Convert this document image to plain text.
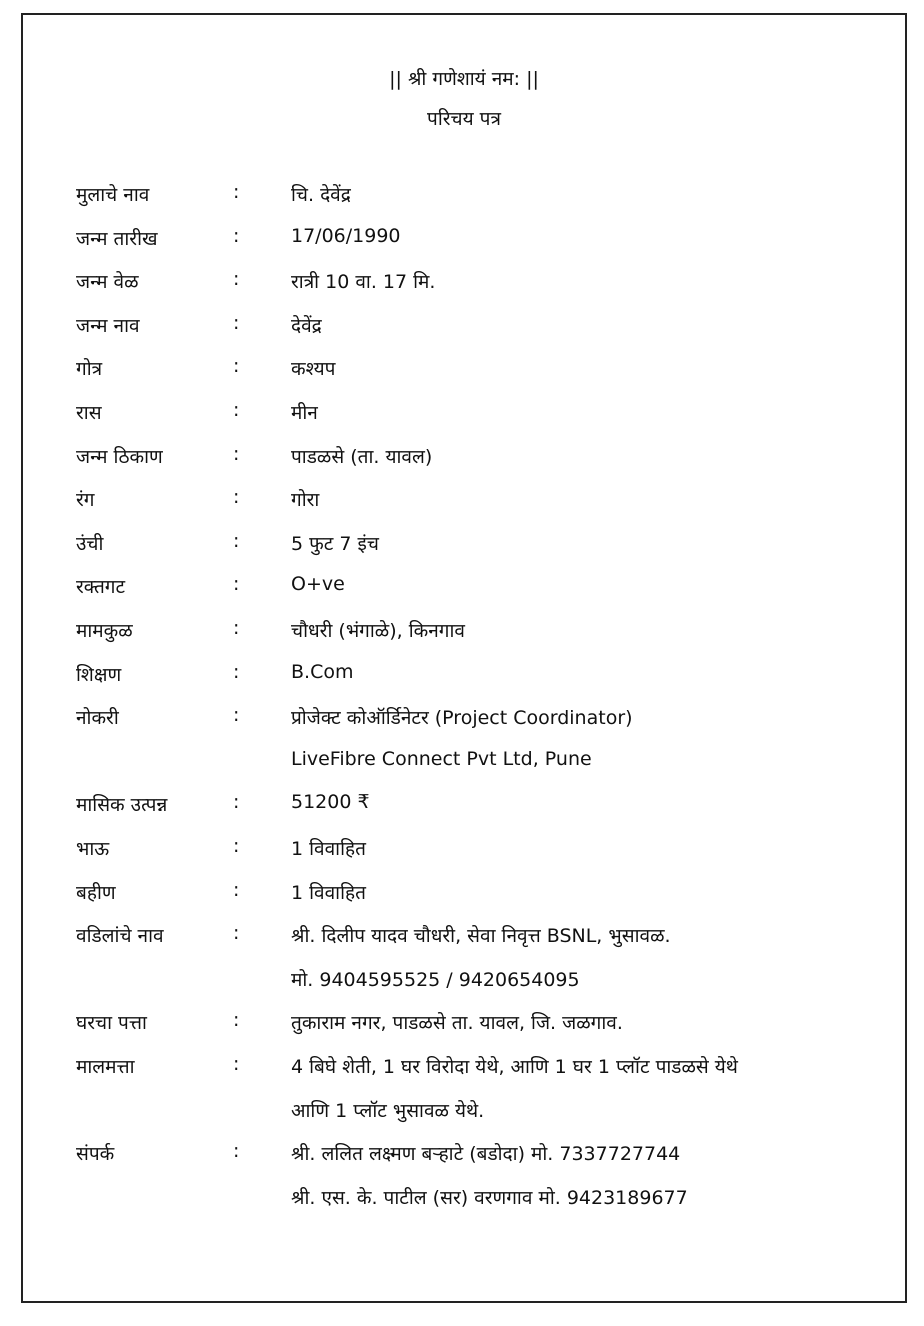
|| श्री गणेशायं नम: ||
परिचय पत्र
मुलाचे नाव	:	चि. देवेंद्र
जन्म तारीख	:	17/06/1990
जन्म वेळ	:	रात्री 10 वा. 17 मि.
जन्म नाव	:	देवेंद्र
गोत्र	:	कश्यप
रास	:	मीन
जन्म ठिकाण	:	पाडळसे (ता. यावल)
रंग	:	गोरा
उंची	:	5 फुट 7 इंच
रक्तगट	:	O+ve
मामकुळ	:	चौधरी (भंगाळे), किनगाव
शिक्षण	:	B.Com
नोकरी	:	प्रोजेक्ट कोऑर्डिनेटर (Project Coordinator)
LiveFibre Connect Pvt Ltd, Pune
मासिक उत्पन्न	:	51200 ₹
भाऊ	:	1 विवाहित
बहीण	:	1 विवाहित
वडिलांचे नाव	:	श्री. दिलीप यादव चौधरी, सेवा निवृत्त BSNL, भुसावळ.
मो. 9404595525 / 9420654095
घरचा पत्ता	:	तुकाराम नगर, पाडळसे ता. यावल, जि. जळगाव.
मालमत्ता	:	4 बिघे शेती, 1 घर विरोदा येथे, आणि 1 घर 1 प्लॉट पाडळसे येथे
आणि 1 प्लॉट भुसावळ येथे.
संपर्क	:	श्री. ललित लक्ष्मण बऱ्हाटे (बडोदा) मो. 7337727744
श्री. एस. के. पाटील (सर) वरणगाव मो. 9423189677
